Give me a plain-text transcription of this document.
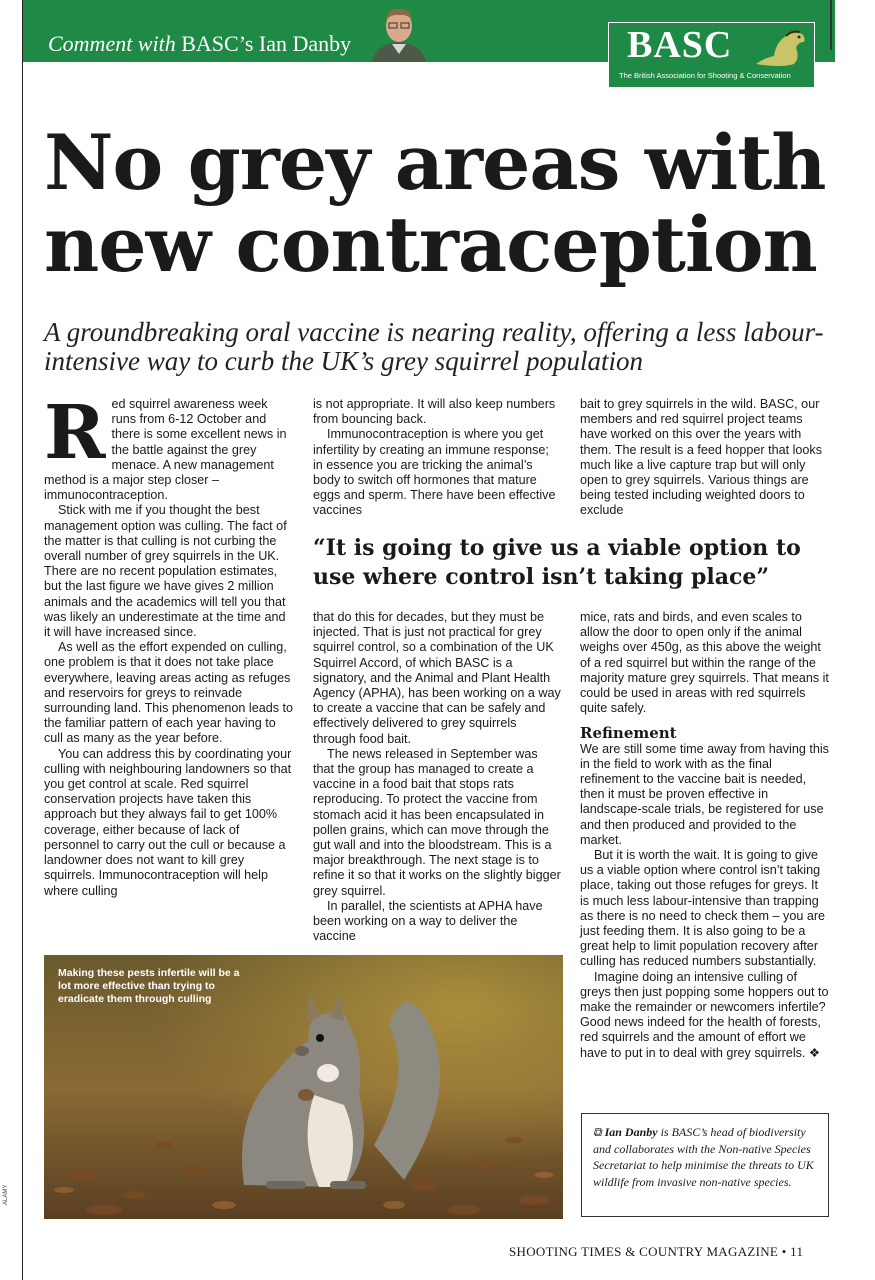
Comment with BASC’s Ian Danby	BASC
The British Association for Shooting & Conservation
No grey areas with new contraception
A groundbreaking oral vaccine is nearing reality, offering a less labour-intensive way to curb the UK’s grey squirrel population

Red squirrel awareness week runs from 6-12 October and there is some excellent news in the battle against the grey menace. A new management method is a major step closer – immunocontraception.

Stick with me if you thought the best management option was culling. The fact of the matter is that culling is not curbing the overall number of grey squirrels in the UK. There are no recent population estimates, but the last figure we have gives 2 million animals and the academics will tell you that was likely an underestimate at the time and it will have increased since.

As well as the effort expended on culling, one problem is that it does not take place everywhere, leaving areas acting as refuges and reservoirs for greys to reinvade surrounding land. This phenomenon leads to the familiar pattern of each year having to cull as many as the year before.

You can address this by coordinating your culling with neighbouring landowners so that you get control at scale. Red squirrel conservation projects have taken this approach but they always fail to get 100% coverage, either because of lack of personnel to carry out the cull or because a landowner does not want to kill grey squirrels. Immunocontraception will help where culling

is not appropriate. It will also keep numbers from bouncing back.

Immunocontraception is where you get infertility by creating an immune response; in essence you are tricking the animal’s body to switch off hormones that mature eggs and sperm. There have been effective vaccines

bait to grey squirrels in the wild. BASC, our members and red squirrel project teams have worked on this over the years with them. The result is a feed hopper that looks much like a live capture trap but will only open to grey squirrels. Various things are being tested including weighted doors to exclude

“It is going to give us a viable option to use where control isn’t taking place”

that do this for decades, but they must be injected. That is just not practical for grey squirrel control, so a combination of the UK Squirrel Accord, of which BASC is a signatory, and the Animal and Plant Health Agency (APHA), has been working on a way to create a vaccine that can be safely and effectively delivered to grey squirrels through food bait.

The news released in September was that the group has managed to create a vaccine in a food bait that stops rats reproducing. To protect the vaccine from stomach acid it has been encapsulated in pollen grains, which can move through the gut wall and into the bloodstream. This is a major breakthrough. The next stage is to refine it so that it works on the slightly bigger grey squirrel.

In parallel, the scientists at APHA have been working on a way to deliver the vaccine

mice, rats and birds, and even scales to allow the door to open only if the animal weighs over 450g, as this above the weight of a red squirrel but within the range of the majority mature grey squirrels. That means it could be used in areas with red squirrels quite safely.

Refinement

We are still some time away from having this in the field to work with as the final refinement to the vaccine bait is needed, then it must be proven effective in landscape-scale trials, be registered for use and then produced and provided to the market.

But it is worth the wait. It is going to give us a viable option where control isn’t taking place, taking out those refuges for greys. It is much less labour-intensive than trapping as there is no need to check them – you are just feeding them. It is also going to be a great help to limit population recovery after culling has reduced numbers substantially.

Imagine doing an intensive culling of greys then just popping some hoppers out to make the remainder or newcomers infertile? Good news indeed for the health of forests, red squirrels and the amount of effort we have to put in to deal with grey squirrels. ❖

Making these pests infertile will be a lot more effective than trying to eradicate them through culling
⧉ Ian Danby is BASC’s head of biodiversity and collaborates with the Non-native Species Secretariat to help minimise the threats to UK wildlife from invasive non-native species.
ALAMY
SHOOTING TIMES & COUNTRY MAGAZINE • 11
